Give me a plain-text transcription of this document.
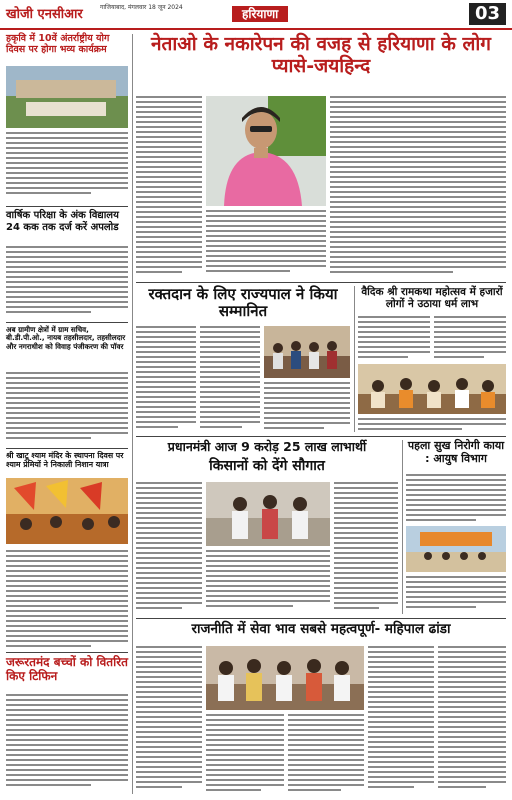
खोजी एनसीआर	गाजियाबाद, मंगलवार 18 जून 2024	हरियाणा	03
हकृवि में 10वें अंतर्राष्ट्रीय योग दिवस पर होगा भव्य कार्यक्रम
वार्षिक परिक्षा के अंक विद्यालय 24 कक तक दर्ज करें अपलोड
अब ग्रामीण क्षेत्रों में ग्राम सचिव, बी.डी.पी.ओ., नायब तहसीलदार, तहसीलदार और नगराधीश को विवाह पंजीकरण की पॉवर
श्री खाटू श्याम मंदिर के स्थापना दिवस पर श्याम प्रेमियों ने निकाली निशान यात्रा
जरूरतमंद बच्चों को वितरित किए टिफिन
नेताओ के नकारेपन की वजह से हरियाणा के लोग प्यासे-जयहिन्द
रक्तदान के लिए राज्यपाल ने किया सम्मानित
वैदिक श्री रामकथा महोत्सव में हजारों लोगों ने उठाया धर्म लाभ
प्रधानमंत्री आज 9 करोड़ 25 लाख लाभार्थी
किसानों को देंगे सौगात
पहला सुख निरोगी काया : आयुष विभाग
राजनीति में सेवा भाव सबसे महत्वपूर्ण- महिपाल ढांडा
